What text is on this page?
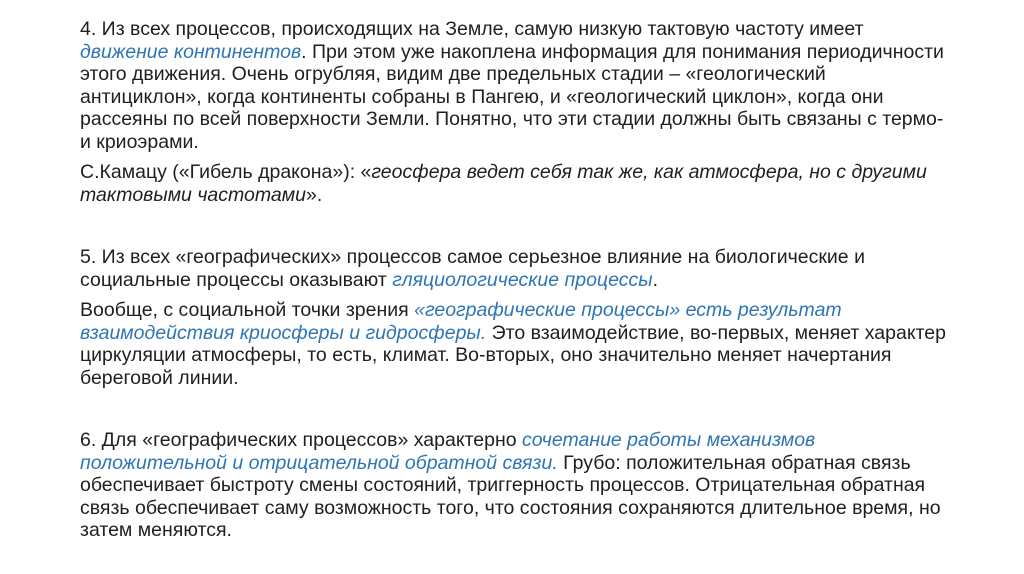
4. Из всех процессов, происходящих на Земле, самую низкую тактовую частоту имеет движение континентов. При этом уже накоплена информация для понимания периодичности этого движения. Очень огрубляя, видим две предельных стадии – «геологический антициклон», когда континенты собраны в Пангею, и «геологический циклон», когда они рассеяны по всей поверхности Земли. Понятно, что эти стадии должны быть связаны с термо- и криоэрами.

С.Камацу («Гибель дракона»): «геосфера ведет себя так же, как атмосфера, но с другими тактовыми частотами».

5. Из всех «географических» процессов самое серьезное влияние на биологические и социальные процессы оказывают гляциологические процессы.

Вообще, с социальной точки зрения «географические процессы» есть результат взаимодействия криосферы и гидросферы. Это взаимодействие, во-первых, меняет характер циркуляции атмосферы, то есть, климат. Во-вторых, оно значительно меняет начертания береговой линии.

6. Для «географических процессов» характерно сочетание работы механизмов положительной и отрицательной обратной связи. Грубо: положительная обратная связь обеспечивает быстроту смены состояний, триггерность процессов. Отрицательная обратная связь обеспечивает саму возможность того, что состояния сохраняются длительное время, но затем меняются.
